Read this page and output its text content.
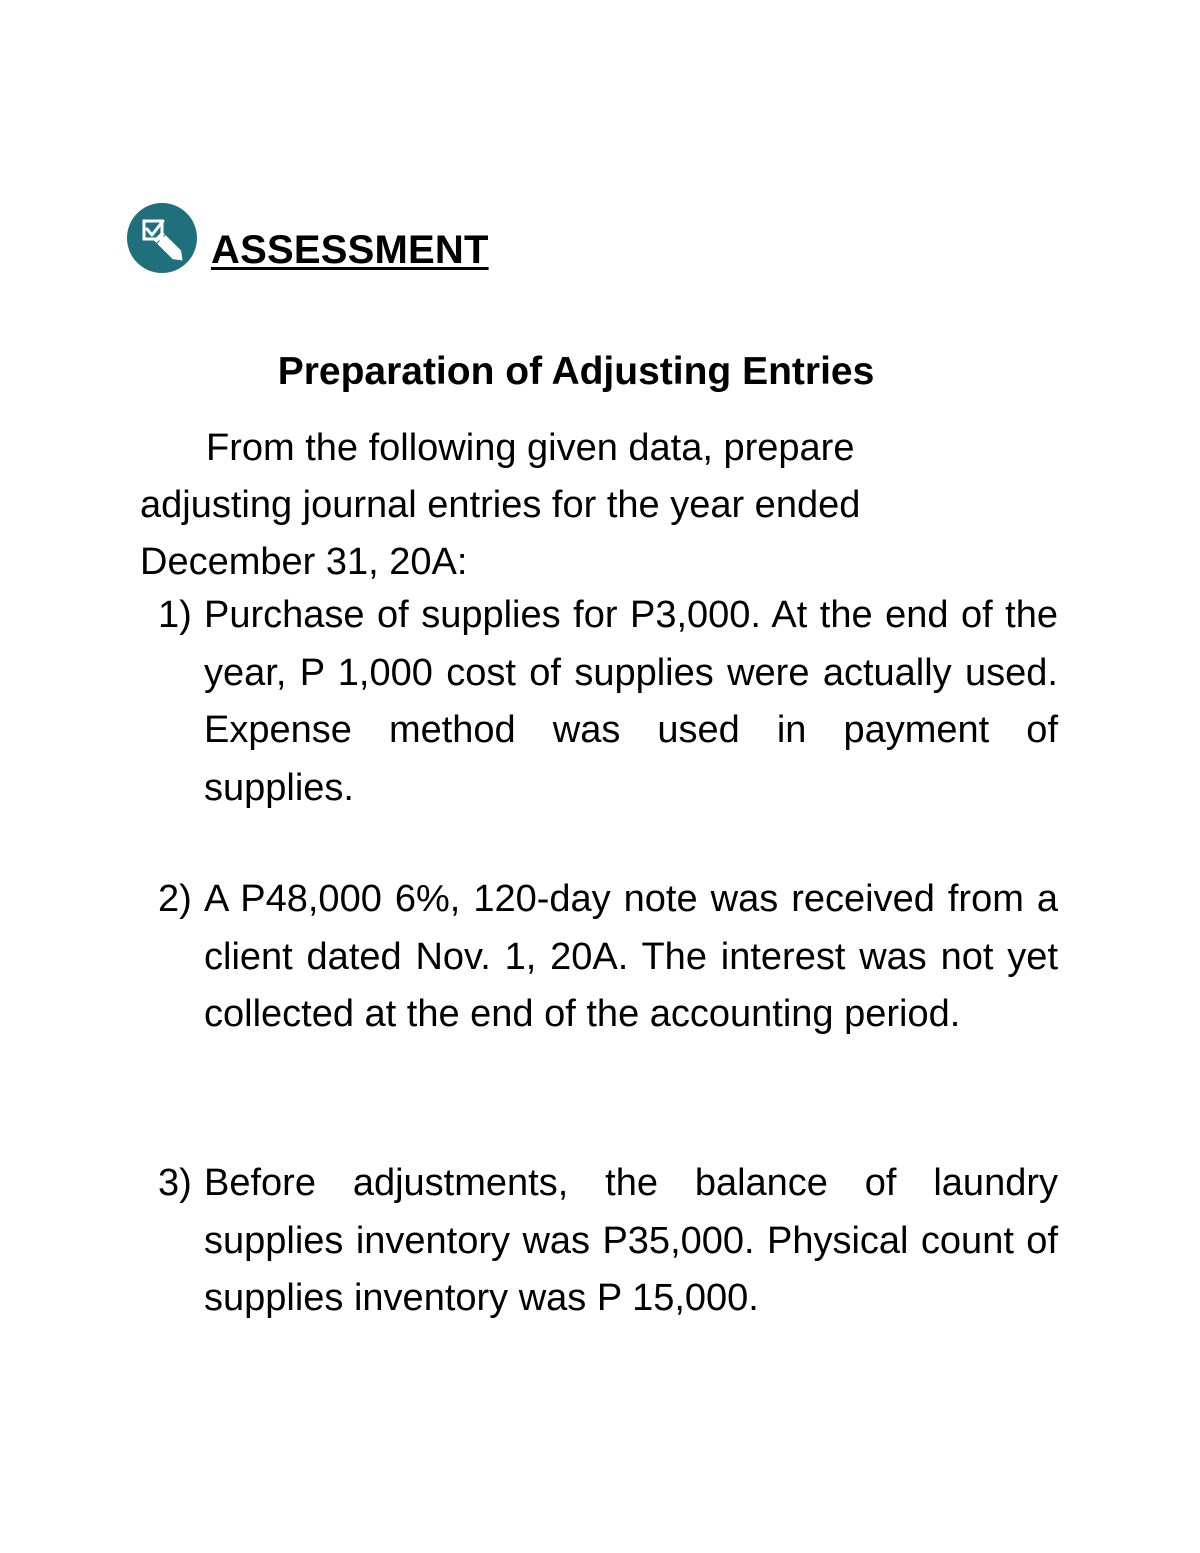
ASSESSMENT
Preparation of Adjusting Entries
From the following given data, prepare
adjusting journal entries for the year ended
December 31, 20A:
1) Purchase of supplies for P3,000. At the end of the year, P 1,000 cost of supplies were actually used. Expense method was used in payment of supplies.
2) A P48,000 6%, 120-day note was received from a client dated Nov. 1, 20A. The interest was not yet collected at the end of the accounting period.
3) Before adjustments, the balance of laundry supplies inventory was P35,000. Physical count of supplies inventory was P 15,000.
